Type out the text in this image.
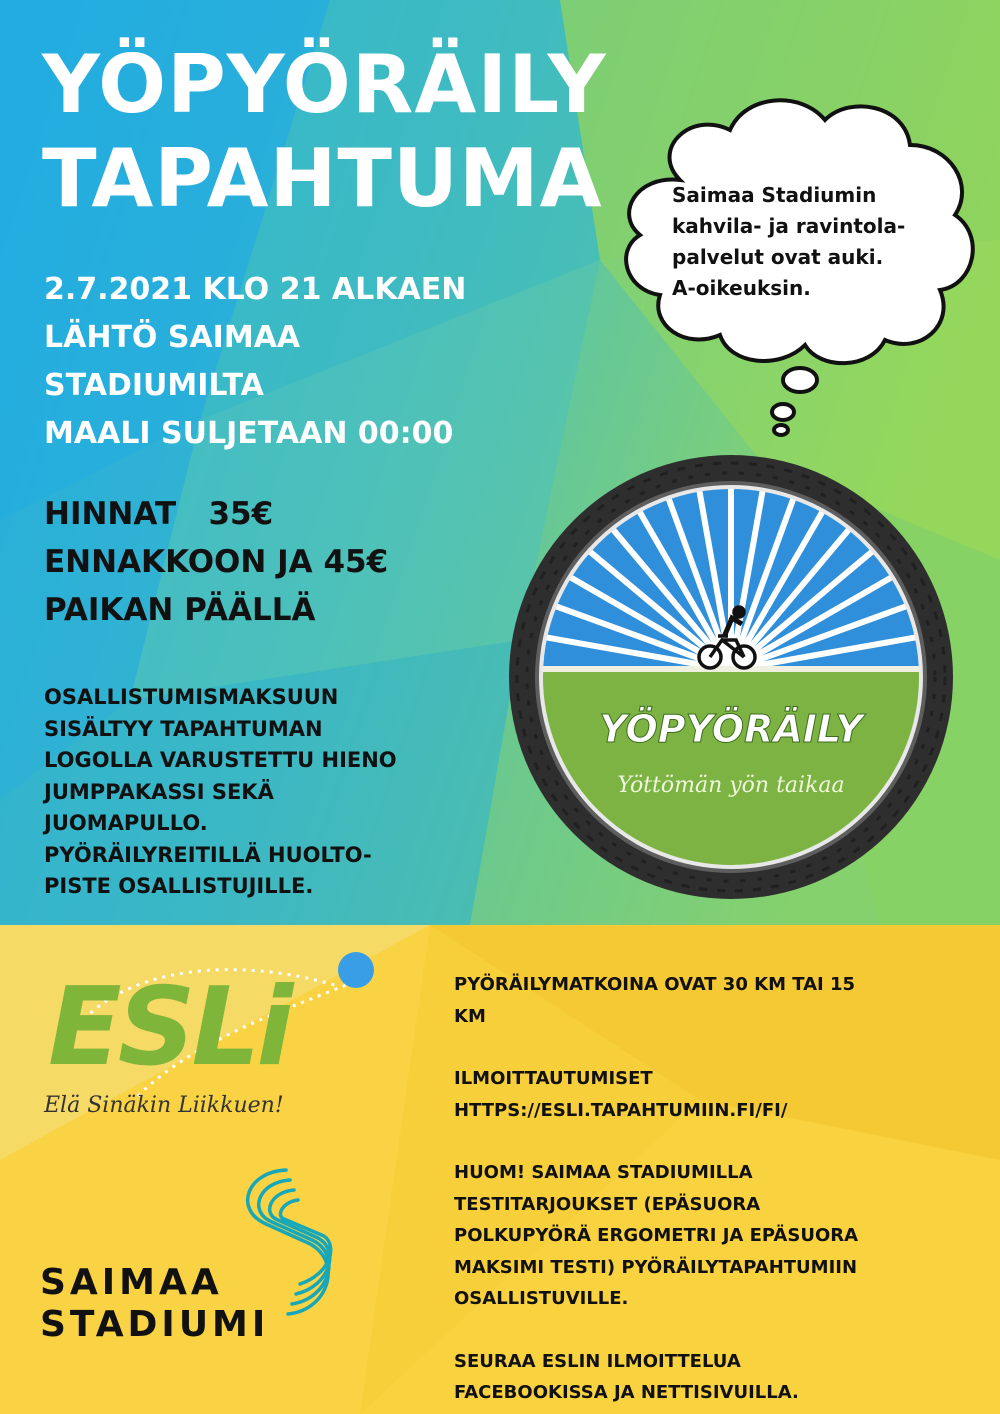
YÖPYÖRÄILY
TAPAHTUMA
2.7.2021 KLO 21 ALKAEN
LÄHTÖ SAIMAA
STADIUMILTA
MAALI SULJETAAN 00:00
HINNAT   35€
ENNAKKOON JA 45€
PAIKAN PÄÄLLÄ
OSALLISTUMISMAKSUUN
SISÄLTYY TAPAHTUMAN
LOGOLLA VARUSTETTU HIENO
JUMPPAKASSI SEKÄ
JUOMAPULLO.
PYÖRÄILYREITILLÄ HUOLTO-
PISTE OSALLISTUJILLE.
Saimaa Stadiumin
kahvila- ja ravintola-
palvelut ovat auki.
A-oikeuksin.
YÖPYÖRÄILY
Yöttömän yön taikaa
ESLi
Elä Sinäkin Liikkuen!
SAIMAA
STADIUMI

PYÖRÄILYMATKOINA OVAT 30 KM TAI 15
KM

ILMOITTAUTUMISET
HTTPS://ESLI.TAPAHTUMIIN.FI/FI/

HUOM! SAIMAA STADIUMILLA
TESTITARJOUKSET (EPÄSUORA
POLKUPYÖRÄ ERGOMETRI JA EPÄSUORA
MAKSIMI TESTI) PYÖRÄILYTAPAHTUMIIN
OSALLISTUVILLE.

SEURAA ESLIN ILMOITTELUA
FACEBOOKISSA JA NETTISIVUILLA.
